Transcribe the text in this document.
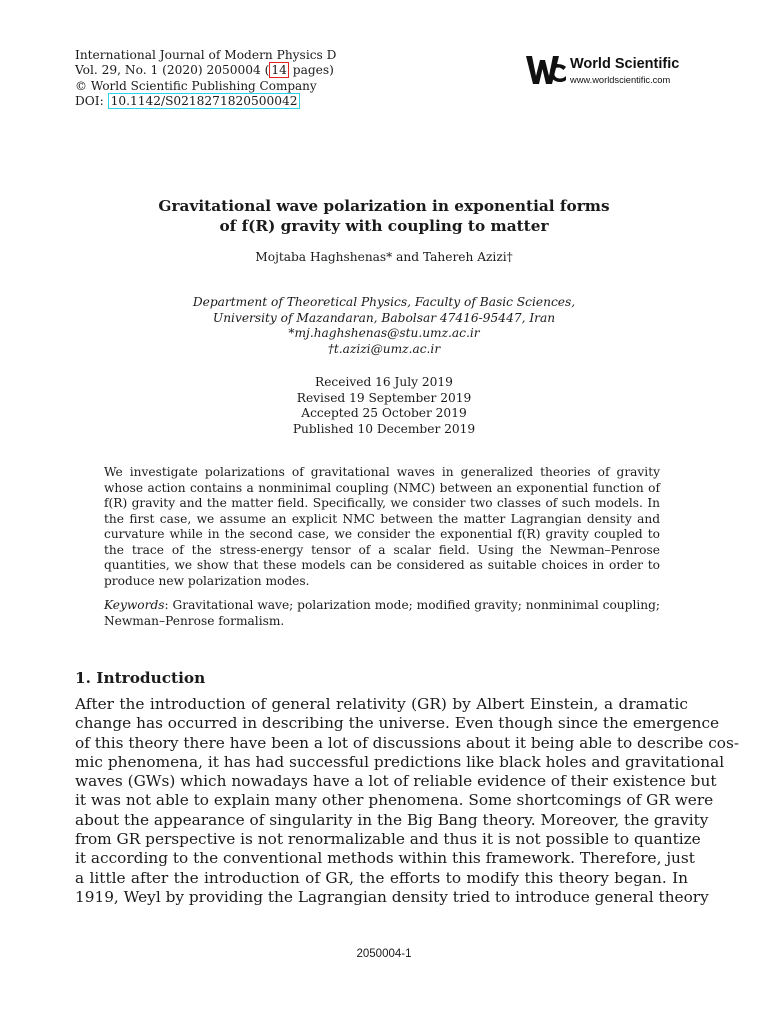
International Journal of Modern Physics D
Vol. 29, No. 1 (2020) 2050004 ( 14 pages)
© World Scientific Publishing Company
DOI: 10.1142/S0218271820500042
World Scientific
www.worldscientific.com
Gravitational wave polarization in exponential forms
of f(R) gravity with coupling to matter
Mojtaba Haghshenas* and Tahereh Azizi†
Department of Theoretical Physics, Faculty of Basic Sciences,
University of Mazandaran, Babolsar 47416-95447, Iran
*mj.haghshenas@stu.umz.ac.ir
†t.azizi@umz.ac.ir
Received 16 July 2019
Revised 19 September 2019
Accepted 25 October 2019
Published 10 December 2019
We investigate polarizations of gravitational waves in generalized theories of gravity whose action contains a nonminimal coupling (NMC) between an exponential function of f(R) gravity and the matter field. Specifically, we consider two classes of such models. In the first case, we assume an explicit NMC between the matter Lagrangian density and curvature while in the second case, we consider the exponential f(R) gravity coupled to the trace of the stress-energy tensor of a scalar field. Using the Newman–Penrose quantities, we show that these models can be considered as suitable choices in order to produce new polarization modes.
Keywords: Gravitational wave; polarization mode; modified gravity; nonminimal coupling; Newman–Penrose formalism.
1. Introduction
After the introduction of general relativity (GR) by Albert Einstein, a dramatic
change has occurred in describing the universe. Even though since the emergence
of this theory there have been a lot of discussions about it being able to describe cos-
mic phenomena, it has had successful predictions like black holes and gravitational
waves (GWs) which nowadays have a lot of reliable evidence of their existence but
it was not able to explain many other phenomena. Some shortcomings of GR were
about the appearance of singularity in the Big Bang theory. Moreover, the gravity
from GR perspective is not renormalizable and thus it is not possible to quantize
it according to the conventional methods within this framework. Therefore, just
a little after the introduction of GR, the efforts to modify this theory began. In
1919, Weyl by providing the Lagrangian density tried to introduce general theory
2050004-1
